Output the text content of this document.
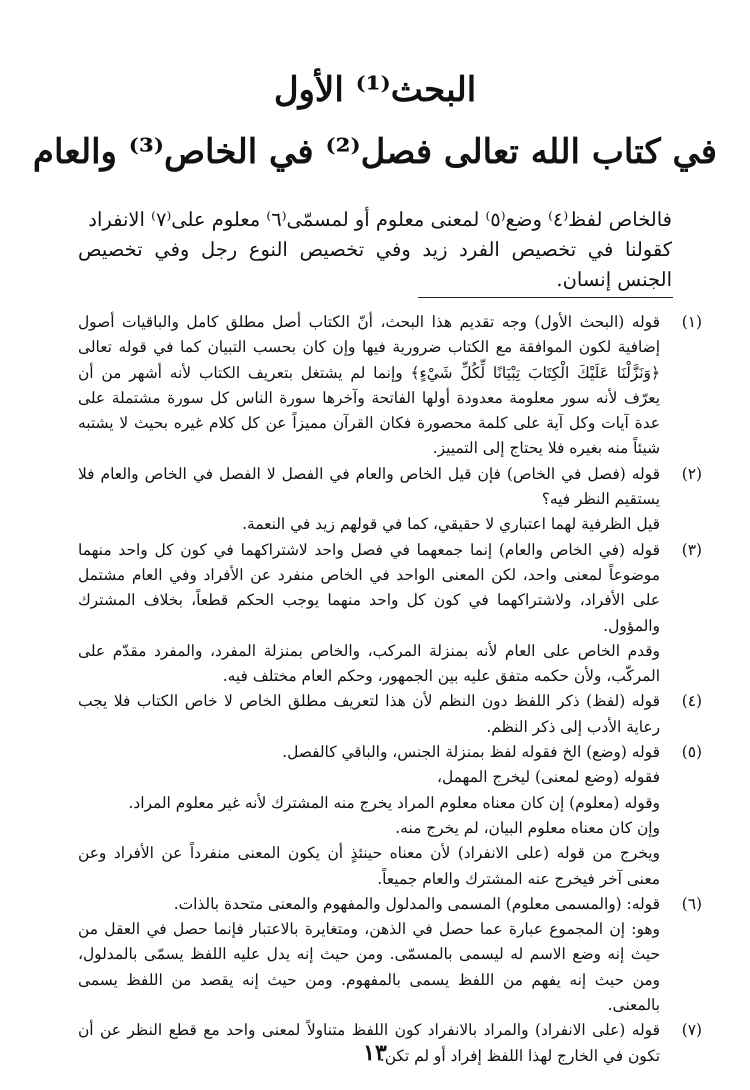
البحث⁽¹⁾ الأول
في كتاب الله تعالى فصل⁽²⁾ في الخاص⁽³⁾ والعام
فالخاص لفظ⁽٤⁾ وضع⁽٥⁾ لمعنى معلوم أو لمسمّى⁽٦⁾ معلوم على⁽٧⁾ الانفراد
كقولنا في تخصيص الفرد زيد وفي تخصيص النوع رجل وفي تخصيص الجنس إنسان.
(١)

قوله (البحث الأول) وجه تقديم هذا البحث، أنّ الكتاب أصل مطلق كامل والباقيات أصول إضافية لكون الموافقة مع الكتاب ضرورية فيها وإن كان بحسب التبيان كما في قوله تعالى ﴿وَنَزَّلْنَا عَلَيْكَ الْكِتَابَ تِبْيَانًا لِّكُلِّ شَيْءٍ﴾ وإنما لم يشتغل بتعريف الكتاب لأنه أشهر من أن يعرّف لأنه سور معلومة معدودة أولها الفاتحة وآخرها سورة الناس كل سورة مشتملة على عدة آيات وكل آية على كلمة محصورة فكان القرآن مميزاً عن كل كلام غيره بحيث لا يشتبه شيئاً منه بغيره فلا يحتاج إلى التمييز.

(٢)

قوله (فصل في الخاص) فإن قيل الخاص والعام في الفصل لا الفصل في الخاص والعام فلا يستقيم النظر فيه؟

قيل الظرفية لهما اعتباري لا حقيقي، كما في قولهم زيد في النعمة.

(٣)

قوله (في الخاص والعام) إنما جمعهما في فصل واحد لاشتراكهما في كون كل واحد منهما موضوعاً لمعنى واحد، لكن المعنى الواحد في الخاص منفرد عن الأفراد وفي العام مشتمل على الأفراد، ولاشتراكهما في كون كل واحد منهما يوجب الحكم قطعاً، بخلاف المشترك والمؤول.

وقدم الخاص على العام لأنه بمنزلة المركب، والخاص بمنزلة المفرد، والمفرد مقدّم على المركّب، ولأن حكمه متفق عليه بين الجمهور، وحكم العام مختلف فيه.

(٤)

قوله (لفظ) ذكر اللفظ دون النظم لأن هذا لتعريف مطلق الخاص لا خاص الكتاب فلا يجب رعاية الأدب إلى ذكر النظم.

(٥)

قوله (وضع) الخ فقوله لفظ بمنزلة الجنس، والباقي كالفصل.

فقوله (وضع لمعنى) ليخرج المهمل،

وقوله (معلوم) إن كان معناه معلوم المراد يخرج منه المشترك لأنه غير معلوم المراد.

وإن كان معناه معلوم البيان، لم يخرج منه.

ويخرج من قوله (على الانفراد) لأن معناه حينئذٍ أن يكون المعنى منفرداً عن الأفراد وعن معنى آخر فيخرج عنه المشترك والعام جميعاً.

(٦)

قوله: (والمسمى معلوم) المسمى والمدلول والمفهوم والمعنى متحدة بالذات.

وهو: إن المجموع عبارة عما حصل في الذهن، ومتغايرة بالاعتبار فإنما حصل في العقل من حيث إنه وضع الاسم له ليسمى بالمسمّى. ومن حيث إنه يدل عليه اللفظ يسمّى بالمدلول، ومن حيث إنه يفهم من اللفظ يسمى بالمفهوم. ومن حيث إنه يقصد من اللفظ يسمى بالمعنى.

(٧)

قوله (على الانفراد) والمراد بالانفراد كون اللفظ متناولاً لمعنى واحد مع قطع النظر عن أن تكون في الخارج لهذا اللفظ إفراد أو لم تكن.

١٣
